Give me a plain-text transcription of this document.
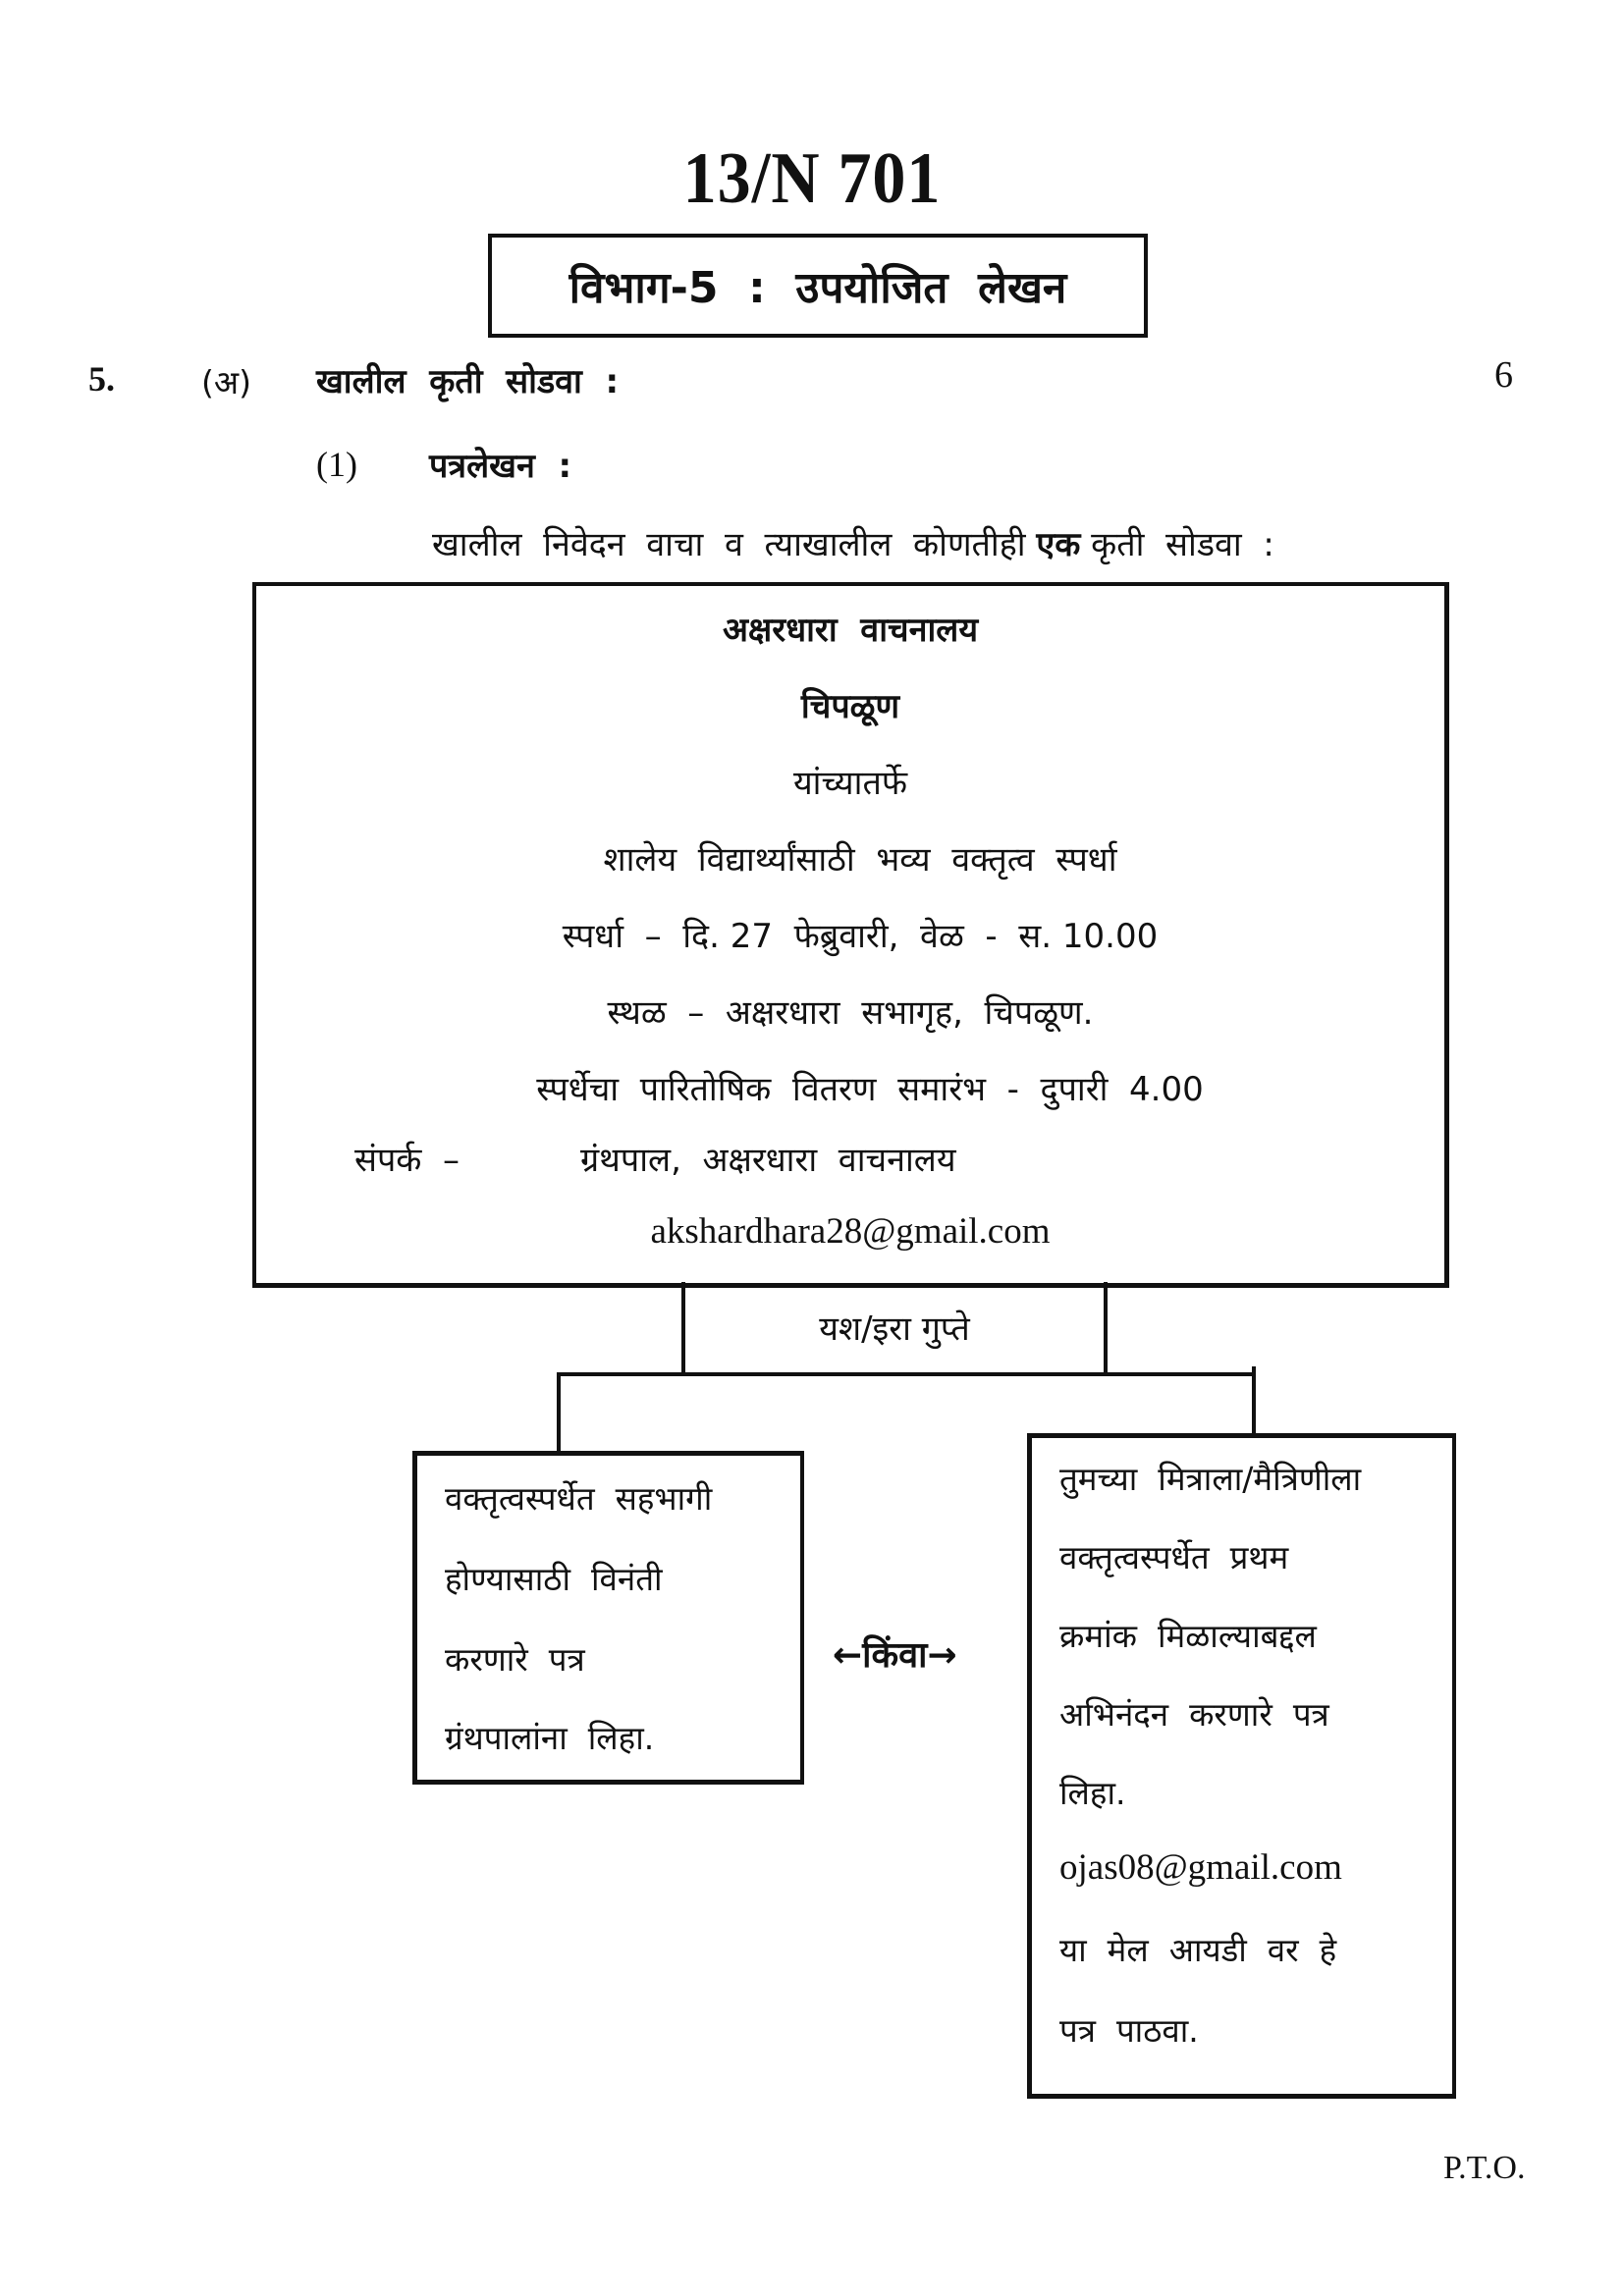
13/N 701
विभाग-5  :  उपयोजित  लेखन
5.	(अ) खालील  कृती  सोडवा  :	6
(1) पत्रलेखन  :
खालील  निवेदन  वाचा  व  त्याखालील  कोणतीही एक कृती  सोडवा  :
अक्षरधारा  वाचनालय
चिपळूण
यांच्यातर्फे
शालेय  विद्यार्थ्यांसाठी  भव्य  वक्तृत्व  स्पर्धा
स्पर्धा  –  दि. 27  फेब्रुवारी,  वेळ  -  स. 10.00
स्थळ  –  अक्षरधारा  सभागृह,  चिपळूण.
स्पर्धेचा  पारितोषिक  वितरण  समारंभ  -  दुपारी  4.00
संपर्क  –	ग्रंथपाल,  अक्षरधारा  वाचनालय
akshardhara28@gmail.com
यश/इरा गुप्ते
वक्तृत्वस्पर्धेत  सहभागी
होण्यासाठी  विनंती
करणारे  पत्र
ग्रंथपालांना  लिहा.
←किंवा→
तुमच्या  मित्राला/मैत्रिणीला
वक्तृत्वस्पर्धेत  प्रथम
क्रमांक  मिळाल्याबद्दल
अभिनंदन  करणारे  पत्र
लिहा.
ojas08@gmail.com
या  मेल  आयडी  वर  हे
पत्र  पाठवा.
P.T.O.
